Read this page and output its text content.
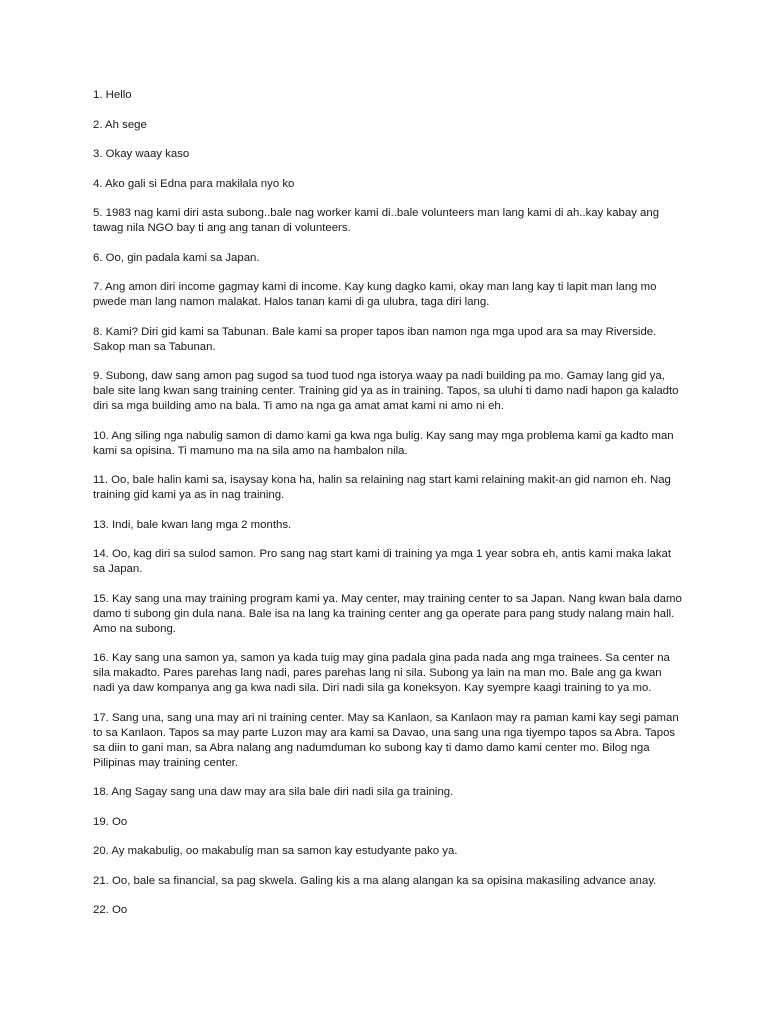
1. Hello

2. Ah sege

3. Okay waay kaso

4. Ako gali si Edna para makilala nyo ko

5. 1983 nag kami diri asta subong..bale nag worker kami di..bale volunteers man lang kami di ah..kay kabay ang tawag nila NGO bay ti ang ang tanan di volunteers.

6. Oo, gin padala kami sa Japan.

7. Ang amon diri income gagmay kami di income. Kay kung dagko kami, okay man lang kay ti lapit man lang mo pwede man lang namon malakat. Halos tanan kami di ga ulubra, taga diri lang.

8. Kami? Diri gid kami sa Tabunan. Bale kami sa proper tapos iban namon nga mga upod ara sa may Riverside. Sakop man sa Tabunan.

9. Subong, daw sang amon pag sugod sa tuod tuod nga istorya waay pa nadi building pa mo. Gamay lang gid ya, bale site lang kwan sang training center. Training gid ya as in training. Tapos, sa uluhi ti damo nadi hapon ga kaladto diri sa mga building amo na bala. Ti amo na nga ga amat amat kami ni amo ni eh.

10. Ang siling nga nabulig samon di damo kami ga kwa nga bulig. Kay sang may mga problema kami ga kadto man kami sa opisina. Ti mamuno ma na sila amo na hambalon nila.

11. Oo, bale halin kami sa, isaysay kona ha, halin sa relaining nag start kami relaining makit-an gid namon eh. Nag training gid kami ya as in nag training.

13. Indi, bale kwan lang mga 2 months.

14. Oo, kag diri sa sulod samon. Pro sang nag start kami di training ya mga 1 year sobra eh, antis kami maka lakat sa Japan.

15. Kay sang una may training program kami ya. May center, may training center to sa Japan. Nang kwan bala damo damo ti subong gin dula nana. Bale isa na lang ka training center ang ga operate para pang study nalang main hall. Amo na subong.

16. Kay sang una samon ya, samon ya kada tuig may gina padala gina pada nada ang mga trainees. Sa center na sila makadto. Pares parehas lang nadi, pares parehas lang ni sila. Subong ya lain na man mo. Bale ang ga kwan nadi ya daw kompanya ang ga kwa nadi sila. Diri nadi sila ga koneksyon. Kay syempre kaagi training to ya mo.

17. Sang una, sang una may ari ni training center. May sa Kanlaon, sa Kanlaon may ra paman kami kay segi paman to sa Kanlaon. Tapos sa may parte Luzon may ara kami sa Davao, una sang una nga tiyempo tapos sa Abra. Tapos sa diin to gani man, sa Abra nalang ang nadumduman ko subong kay ti damo damo kami center mo. Bilog nga Pilipinas may training center.

18. Ang Sagay sang una daw may ara sila bale diri nadi sila ga training.

19. Oo

20. Ay makabulig, oo makabulig man sa samon kay estudyante pako ya.

21. Oo, bale sa financial, sa pag skwela. Galing kis a ma alang alangan ka sa opisina makasiling advance anay.

22. Oo
